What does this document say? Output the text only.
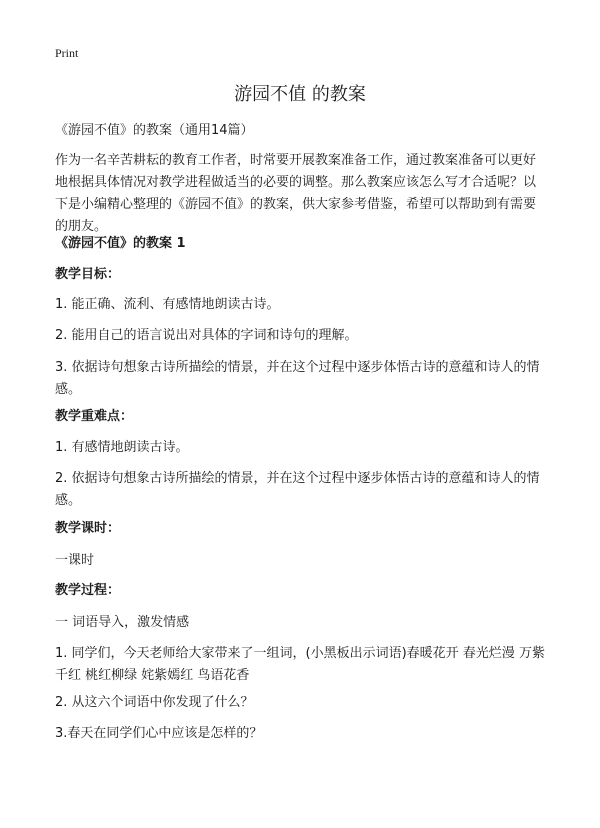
Print
游园不值 的教案

《游园不值》的教案（通用14篇）

作为一名辛苦耕耘的教育工作者，时常要开展教案准备工作，通过教案准备可以更好地根据具体情况对教学进程做适当的必要的调整。那么教案应该怎么写才合适呢？以下是小编精心整理的《游园不值》的教案，供大家参考借鉴，希望可以帮助到有需要的朋友。

《游园不值》的教案 1

教学目标：

1. 能正确、流利、有感情地朗读古诗。

2. 能用自己的语言说出对具体的字词和诗句的理解。

3. 依据诗句想象古诗所描绘的情景，并在这个过程中逐步体悟古诗的意蕴和诗人的情感。

教学重难点：

1. 有感情地朗读古诗。

2. 依据诗句想象古诗所描绘的情景，并在这个过程中逐步体悟古诗的意蕴和诗人的情感。

教学课时：

一课时

教学过程：

一 词语导入，激发情感

1. 同学们，今天老师给大家带来了一组词，(小黑板出示词语)春暖花开 春光烂漫 万紫千红 桃红柳绿 姹紫嫣红 鸟语花香

2. 从这六个词语中你发现了什么？

3.春天在同学们心中应该是怎样的？
